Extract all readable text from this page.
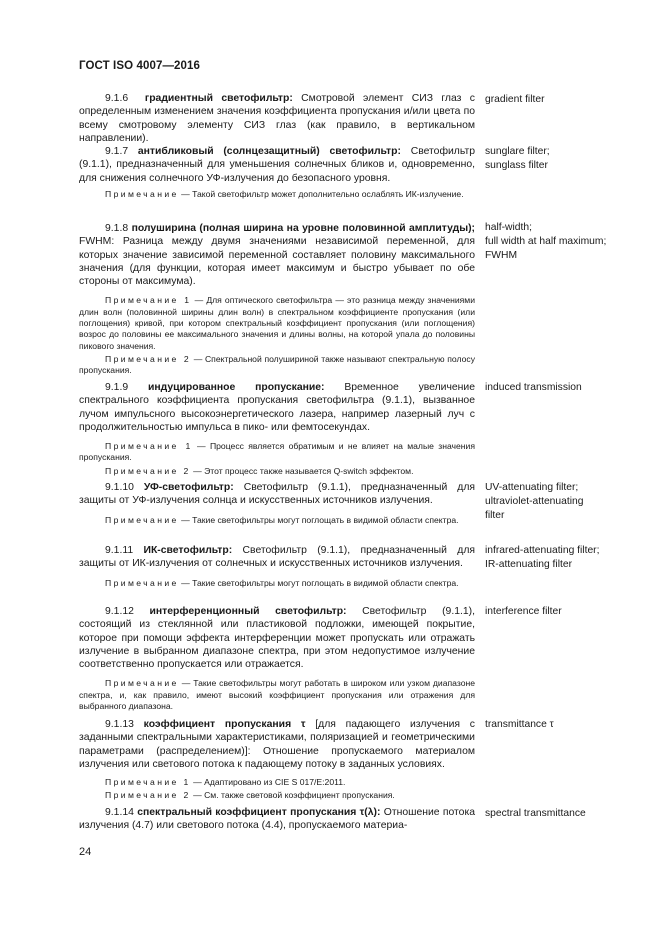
ГОСТ ISO 4007—2016

9.1.6 градиентный светофильтр: Смотровой элемент СИЗ глаз с определенным изменением значения коэффициента пропускания и/или цвета по всему смотровому элементу СИЗ глаз (как правило, в вертикальном направлении).

gradient filter

9.1.7 антибликовый (солнцезащитный) светофильтр: Светофильтр (9.1.1), предназначенный для уменьшения солнечных бликов и, одновременно, для снижения солнечного УФ-излучения до безопасного уровня.

Примечание — Такой светофильтр может дополнительно ослаблять ИК-излучение.

sunglare filter;
sunglass filter

9.1.8 полуширина (полная ширина на уровне половинной амплитуды); FWHM: Разница между двумя значениями независимой переменной, для которых значение зависимой переменной составляет половину максимального значения (для функции, которая имеет максимум и быстро убывает по обе стороны от максимума).

Примечание 1 — Для оптического светофильтра — это разница между значениями длин волн (половинной ширины длин волн) в спектральном коэффициенте пропускания (или поглощения) кривой, при котором спектральный коэффициент пропускания (или поглощения) возрос до половины ее максимального значения и длины волны, на которой упала до половины пикового значения.

Примечание 2 — Спектральной полушириной также называют спектральную полосу пропускания.

half-width;
full width at half maximum;
FWHM

9.1.9 индуцированное пропускание: Временное увеличение спектрального коэффициента пропускания светофильтра (9.1.1), вызванное лучом импульсного высокоэнергетического лазера, например лазерный луч с продолжительностью импульса в пико- или фемтосекундах.

Примечание 1 — Процесс является обратимым и не влияет на малые значения пропускания.

Примечание 2 — Этот процесс также называется Q-switch эффектом.

induced transmission

9.1.10 УФ-светофильтр: Светофильтр (9.1.1), предназначенный для защиты от УФ-излучения солнца и искусственных источников излучения.

Примечание — Такие светофильтры могут поглощать в видимой области спектра.

UV-attenuating filter;
ultraviolet-attenuating
filter

9.1.11 ИК-светофильтр: Светофильтр (9.1.1), предназначенный для защиты от ИК-излучения от солнечных и искусственных источников излучения.

Примечание — Такие светофильтры могут поглощать в видимой области спектра.

infrared-attenuating filter;
IR-attenuating filter

9.1.12 интерференционный светофильтр: Светофильтр (9.1.1), состоящий из стеклянной или пластиковой подложки, имеющей покрытие, которое при помощи эффекта интерференции может пропускать или отражать излучение в выбранном диапазоне спектра, при этом недопустимое излучение соответственно пропускается или отражается.

Примечание — Такие светофильтры могут работать в широком или узком диапазоне спектра, и, как правило, имеют высокий коэффициент пропускания или отражения для выбранного диапазона.

interference filter

9.1.13 коэффициент пропускания τ [для падающего излучения с заданными спектральными характеристиками, поляризацией и геометрическими параметрами (распределением)]: Отношение пропускаемого материалом излучения или светового потока к падающему потоку в заданных условиях.

Примечание 1 — Адаптировано из CIE S 017/E:2011.

Примечание 2 — См. также световой коэффициент пропускания.

transmittance τ

9.1.14 спектральный коэффициент пропускания τ(λ): Отношение потока излучения (4.7) или светового потока (4.4), пропускаемого материа-

spectral transmittance
24
